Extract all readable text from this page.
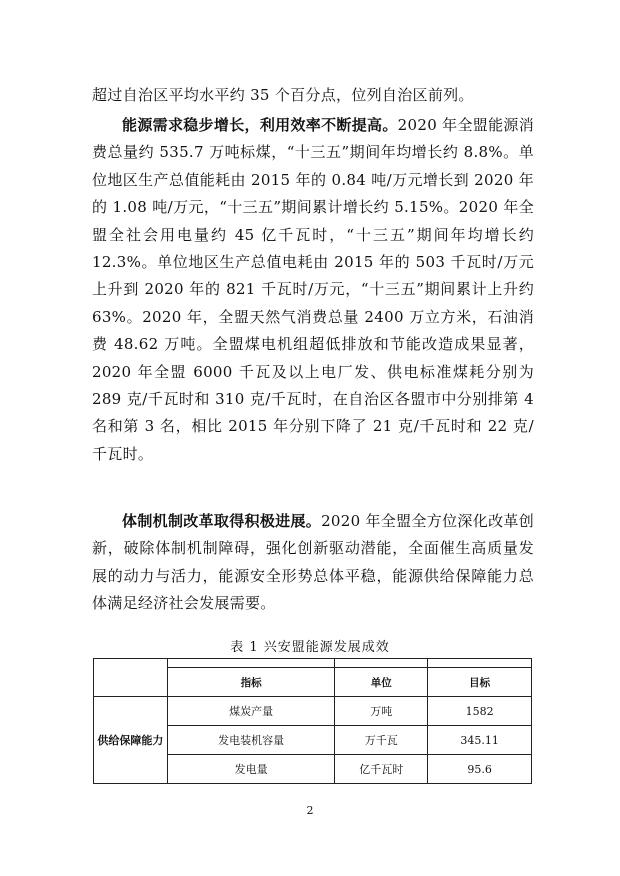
超过自治区平均水平约 35 个百分点，位列自治区前列。

能源需求稳步增长，利用效率不断提高。2020 年全盟能源消费总量约 535.7 万吨标煤，“十三五”期间年均增长约 8.8%。单位地区生产总值能耗由 2015 年的 0.84 吨/万元增长到 2020 年的 1.08 吨/万元，“十三五”期间累计增长约 5.15%。2020 年全盟全社会用电量约 45 亿千瓦时，“十三五”期间年均增长约 12.3%。单位地区生产总值电耗由 2015 年的 503 千瓦时/万元上升到 2020 年的 821 千瓦时/万元，“十三五”期间累计上升约 63%。2020 年，全盟天然气消费总量 2400 万立方米，石油消费 48.62 万吨。全盟煤电机组超低排放和节能改造成果显著，2020 年全盟 6000 千瓦及以上电厂发、供电标准煤耗分别为 289 克/千瓦时和 310 克/千瓦时，在自治区各盟市中分别排第 4 名和第 3 名，相比 2015 年分别下降了 21 克/千瓦时和 22 克/千瓦时。

体制机制改革取得积极进展。2020 年全盟全方位深化改革创新，破除体制机制障碍，强化创新驱动潜能，全面催生高质量发展的动力与活力，能源安全形势总体平稳，能源供给保障能力总体满足经济社会发展需要。

表 1 兴安盟能源发展成效

	指标	单位	目标
供给保障能力	煤炭产量	万吨	1582
	发电装机容量	万千瓦	345.11
	发电量	亿千瓦时	95.6
2
